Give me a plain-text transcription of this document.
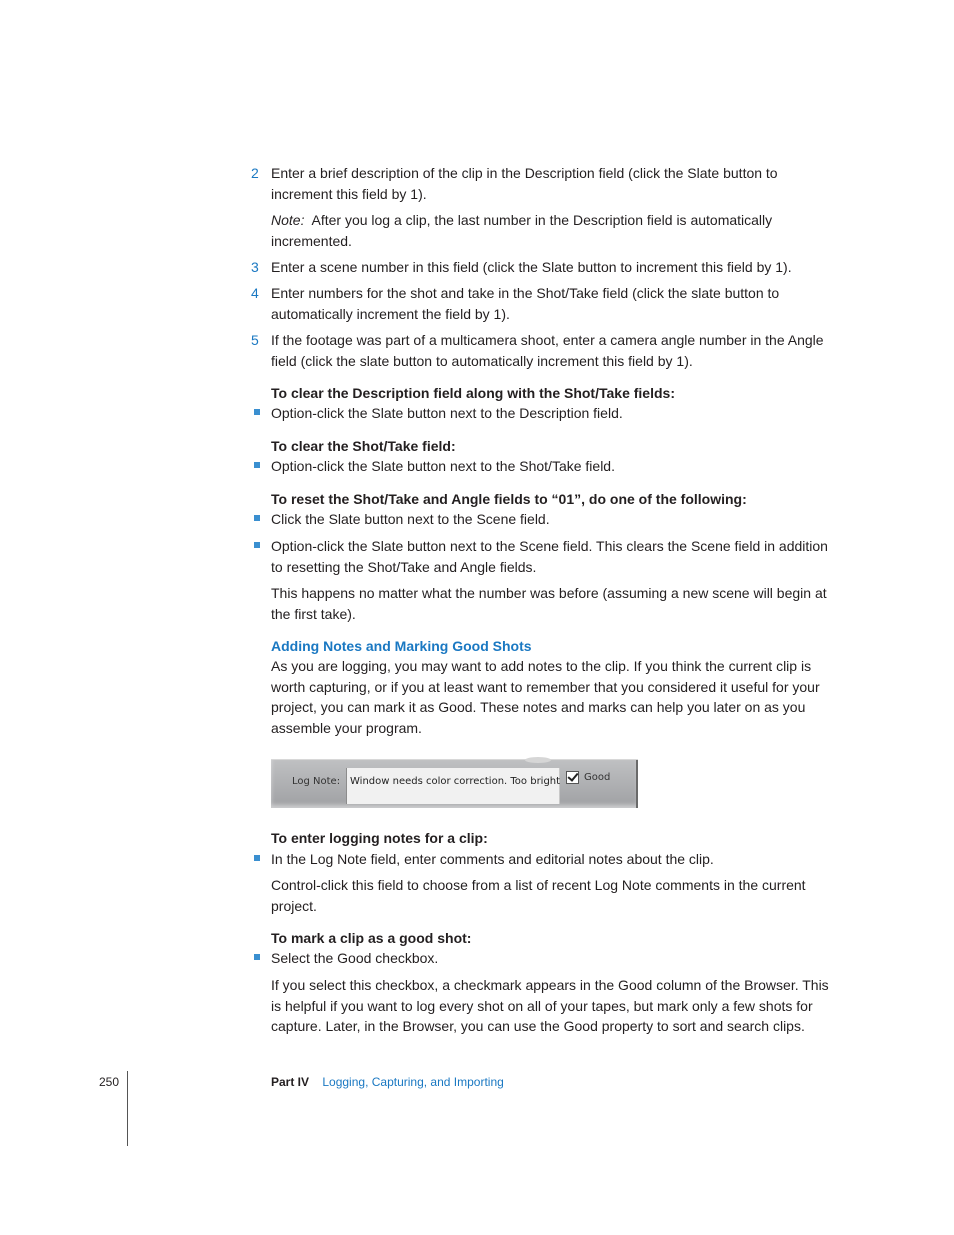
2 Enter a brief description of the clip in the Description field (click the Slate button to increment this field by 1).
Note: After you log a clip, the last number in the Description field is automatically incremented.
3 Enter a scene number in this field (click the Slate button to increment this field by 1).
4 Enter numbers for the shot and take in the Shot/Take field (click the slate button to automatically increment the field by 1).
5 If the footage was part of a multicamera shoot, enter a camera angle number in the Angle field (click the slate button to automatically increment this field by 1).
To clear the Description field along with the Shot/Take fields:
Option-click the Slate button next to the Description field.
To clear the Shot/Take field:
Option-click the Slate button next to the Shot/Take field.
To reset the Shot/Take and Angle fields to “01”, do one of the following:
Click the Slate button next to the Scene field.
Option-click the Slate button next to the Scene field. This clears the Scene field in addition to resetting the Shot/Take and Angle fields.
This happens no matter what the number was before (assuming a new scene will begin at the first take).
Adding Notes and Marking Good Shots
As you are logging, you may want to add notes to the clip. If you think the current clip is worth capturing, or if you at least want to remember that you considered it useful for your project, you can mark it as Good. These notes and marks can help you later on as you assemble your program.
Log Note: Window needs color correction. Too bright Good
To enter logging notes for a clip:
In the Log Note field, enter comments and editorial notes about the clip.
Control-click this field to choose from a list of recent Log Note comments in the current project.
To mark a clip as a good shot:
Select the Good checkbox.
If you select this checkbox, a checkmark appears in the Good column of the Browser. This is helpful if you want to log every shot on all of your tapes, but mark only a few shots for capture. Later, in the Browser, you can use the Good property to sort and search clips.
250	Part IV Logging, Capturing, and Importing
